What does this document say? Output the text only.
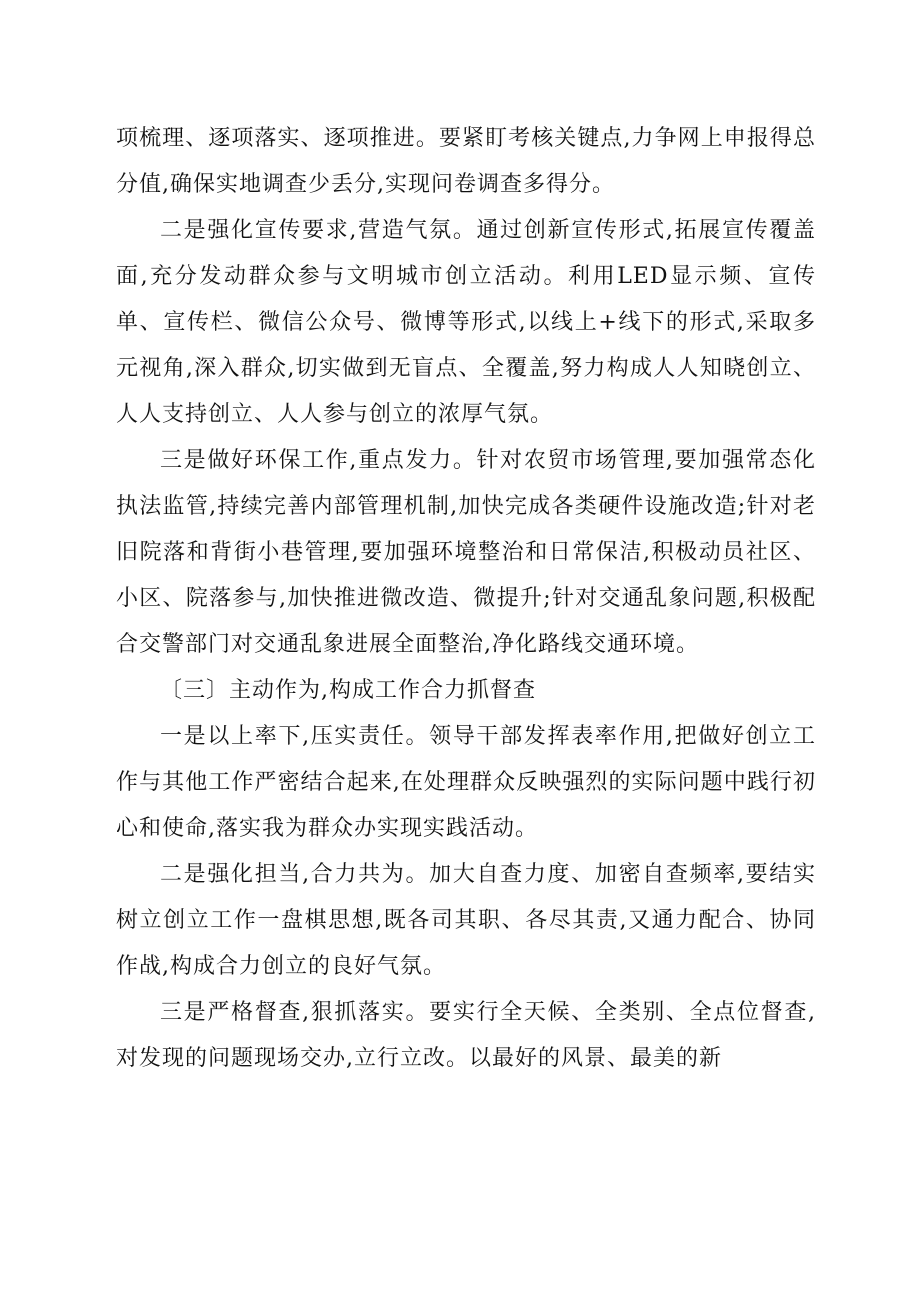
项梳理、逐项落实、逐项推进。要紧盯考核关键点,力争网上申报得总分值,确保实地调查少丢分,实现问卷调查多得分。

二是强化宣传要求,营造气氛。通过创新宣传形式,拓展宣传覆盖面,充分发动群众参与文明城市创立活动。利用LED显示频、宣传单、宣传栏、微信公众号、微博等形式,以线上+线下的形式,采取多元视角,深入群众,切实做到无盲点、全覆盖,努力构成人人知晓创立、人人支持创立、人人参与创立的浓厚气氛。

三是做好环保工作,重点发力。针对农贸市场管理,要加强常态化执法监管,持续完善内部管理机制,加快完成各类硬件设施改造;针对老旧院落和背街小巷管理,要加强环境整治和日常保洁,积极动员社区、小区、院落参与,加快推进微改造、微提升;针对交通乱象问题,积极配合交警部门对交通乱象进展全面整治,净化路线交通环境。

〔三〕主动作为,构成工作合力抓督查

一是以上率下,压实责任。领导干部发挥表率作用,把做好创立工作与其他工作严密结合起来,在处理群众反映强烈的实际问题中践行初心和使命,落实我为群众办实现实践活动。

二是强化担当,合力共为。加大自查力度、加密自查频率,要结实树立创立工作一盘棋思想,既各司其职、各尽其责,又通力配合、协同作战,构成合力创立的良好气氛。

三是严格督查,狠抓落实。要实行全天候、全类别、全点位督查,对发现的问题现场交办,立行立改。以最好的风景、最美的新
